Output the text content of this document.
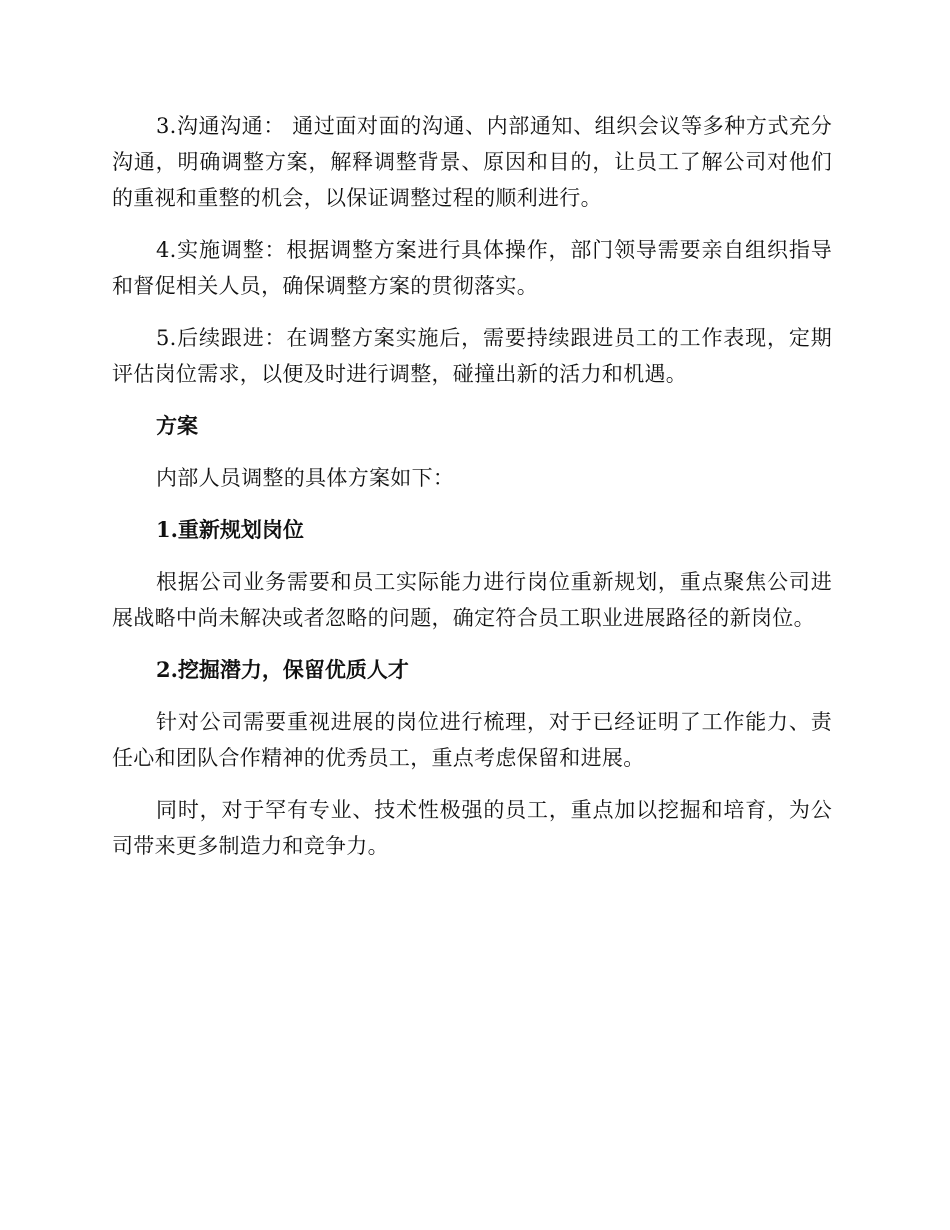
3.沟通沟通： 通过面对面的沟通、内部通知、组织会议等多种方式充分沟通，明确调整方案，解释调整背景、原因和目的，让员工了解公司对他们的重视和重整的机会，以保证调整过程的顺利进行。

4.实施调整：根据调整方案进行具体操作，部门领导需要亲自组织指导和督促相关人员，确保调整方案的贯彻落实。

5.后续跟进：在调整方案实施后，需要持续跟进员工的工作表现，定期评估岗位需求，以便及时进行调整，碰撞出新的活力和机遇。

方案

内部人员调整的具体方案如下：

1.重新规划岗位

根据公司业务需要和员工实际能力进行岗位重新规划，重点聚焦公司进展战略中尚未解决或者忽略的问题，确定符合员工职业进展路径的新岗位。

2.挖掘潜力，保留优质人才

针对公司需要重视进展的岗位进行梳理，对于已经证明了工作能力、责任心和团队合作精神的优秀员工，重点考虑保留和进展。

同时，对于罕有专业、技术性极强的员工，重点加以挖掘和培育，为公司带来更多制造力和竞争力。
